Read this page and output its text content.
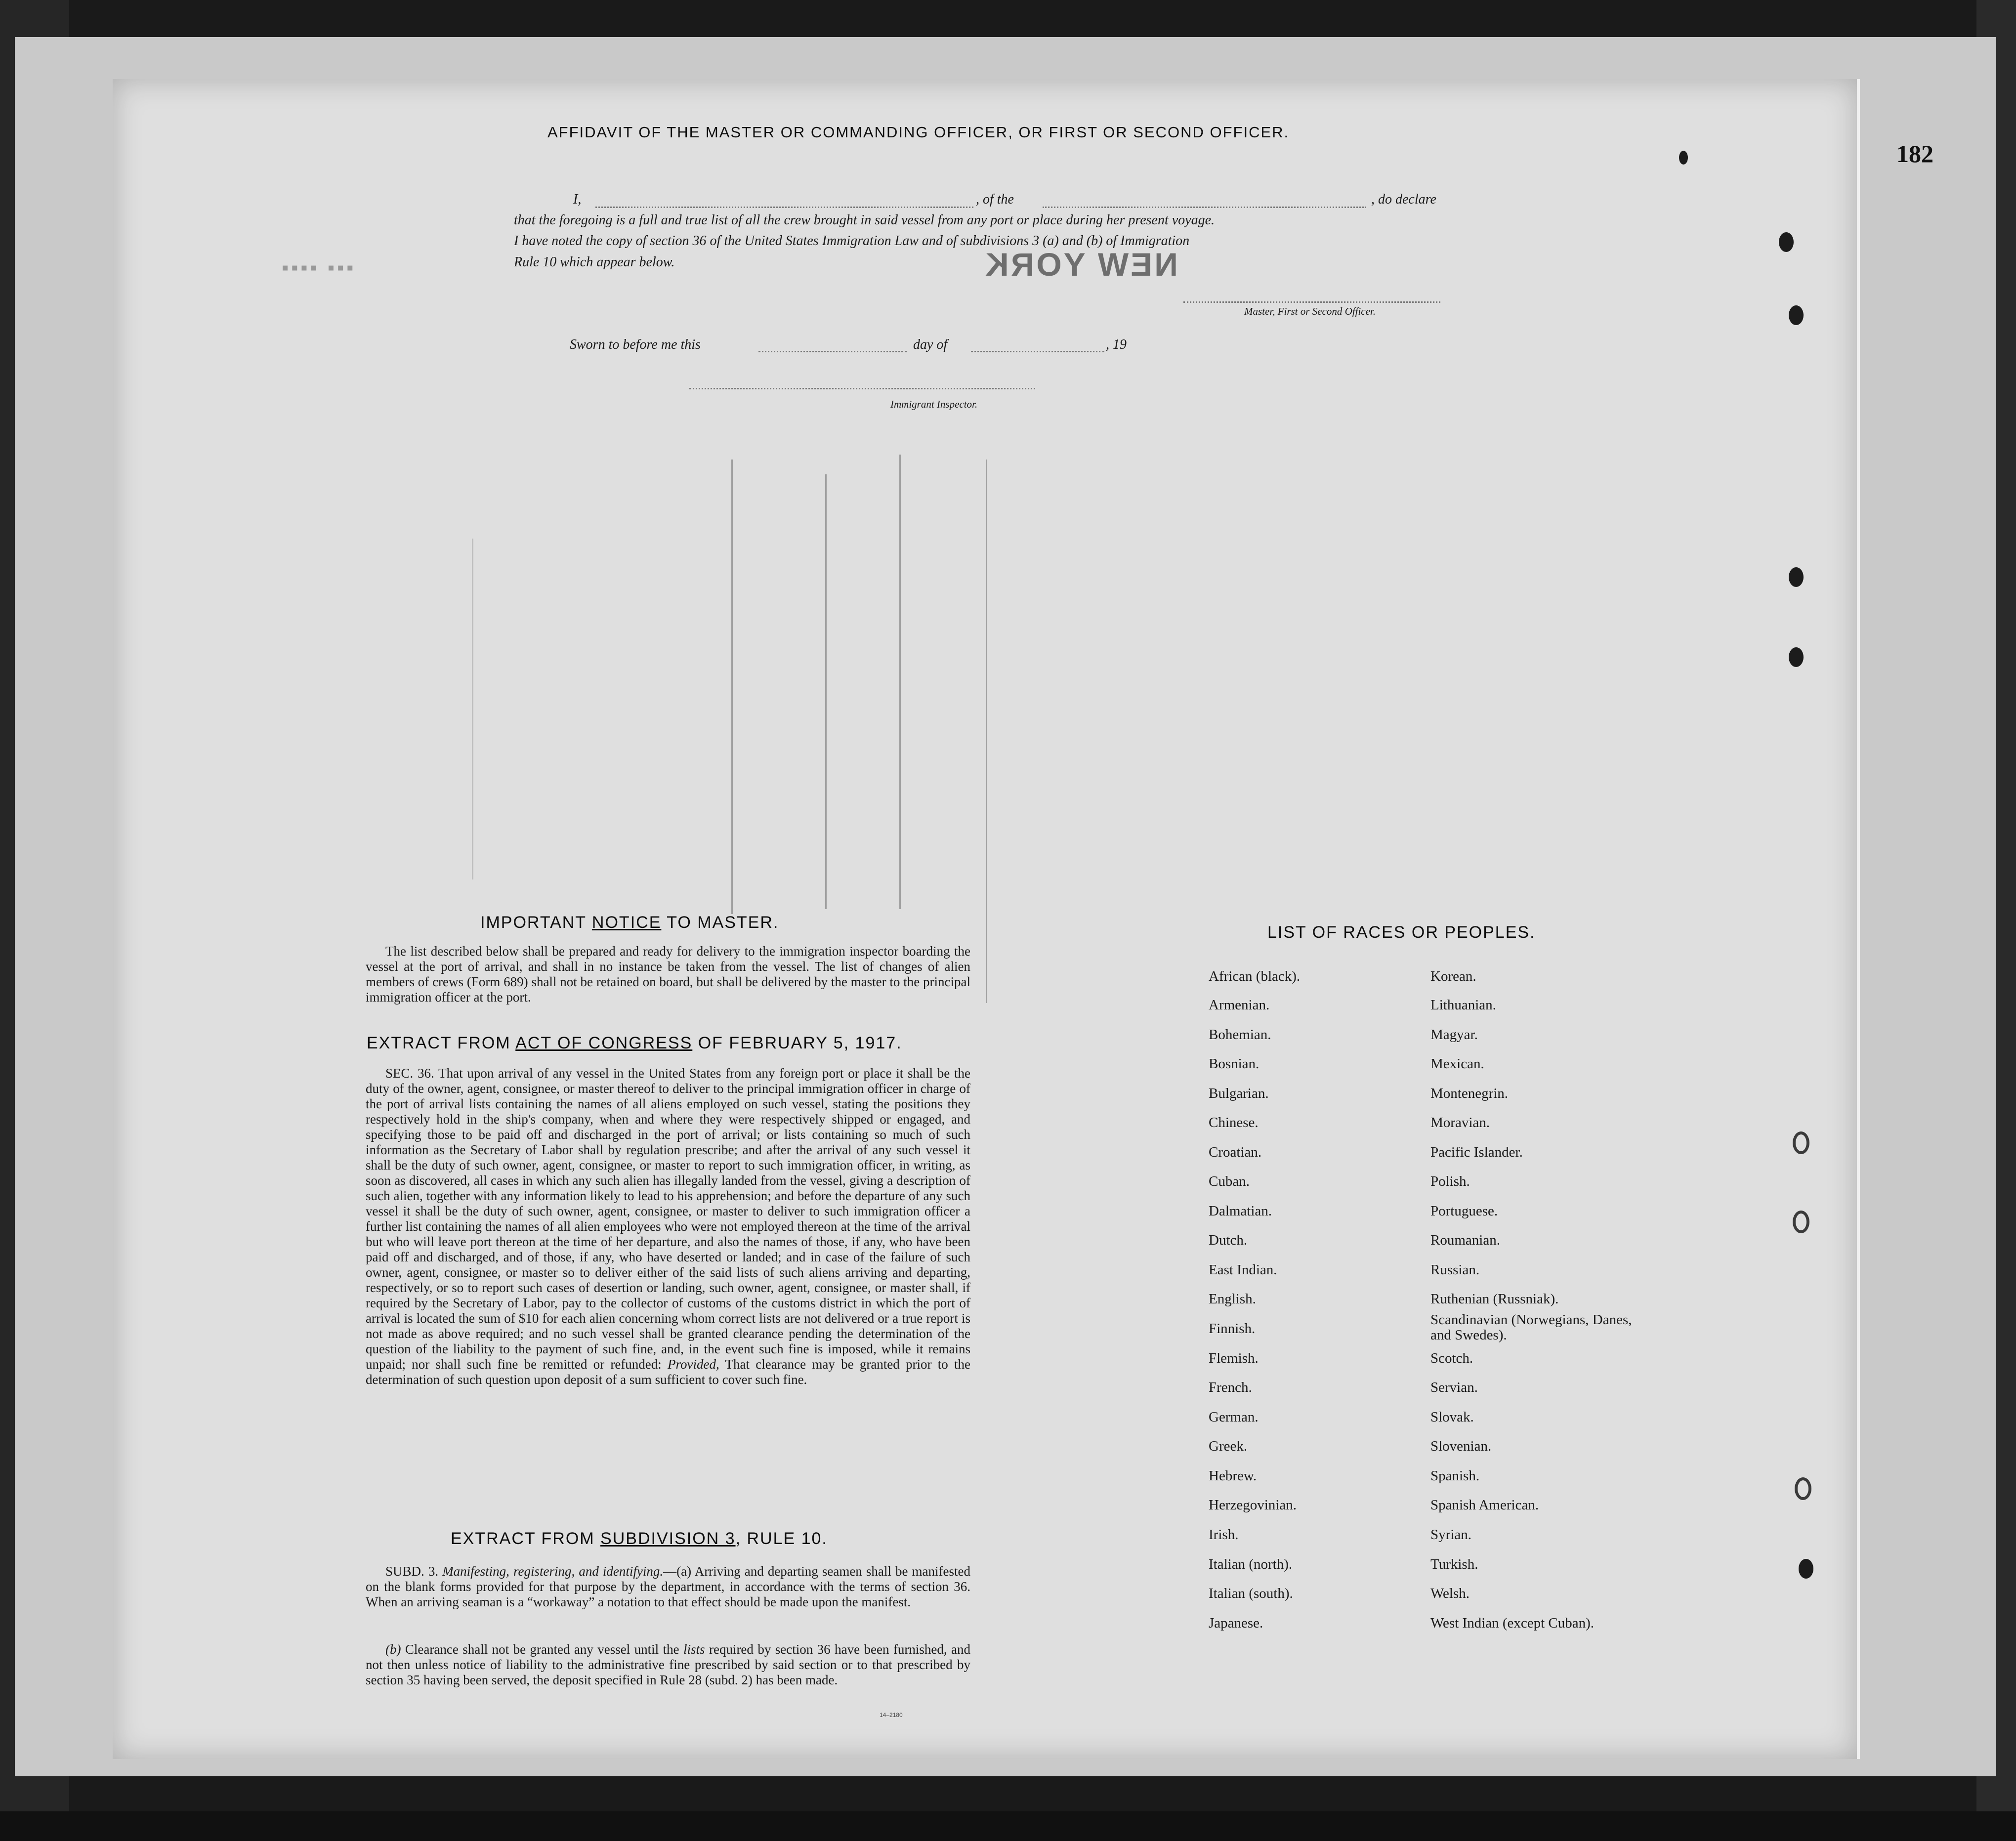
182
AFFIDAVIT OF THE MASTER OR COMMANDING OFFICER, OR FIRST OR SECOND OFFICER.
I,	, of the	, do declare
that the foregoing is a full and true list of all the crew brought in said vessel from any port or place during her present voyage.
I have noted the copy of section 36 of the United States Immigration Law and of subdivisions 3 (a) and (b) of Immigration
Rule 10 which appear below.
▪▪▪ ▪▪▪▪	NEW YORK
Master, First or Second Officer.
Sworn to before me this	day of	, 19
Immigrant Inspector.
IMPORTANT NOTICE TO MASTER.
The list described below shall be prepared and ready for delivery to the immigration inspector boarding the vessel at the port of arrival, and shall in no instance be taken from the vessel. The list of changes of alien members of crews (Form 689) shall not be retained on board, but shall be delivered by the master to the principal immigration officer at the port.
EXTRACT FROM ACT OF CONGRESS OF FEBRUARY 5, 1917.
SEC. 36. That upon arrival of any vessel in the United States from any foreign port or place it shall be the duty of the owner, agent, consignee, or master thereof to deliver to the principal immigration officer in charge of the port of arrival lists containing the names of all aliens employed on such vessel, stating the positions they respectively hold in the ship's company, when and where they were respectively shipped or engaged, and specifying those to be paid off and discharged in the port of arrival; or lists containing so much of such information as the Secretary of Labor shall by regulation prescribe; and after the arrival of any such vessel it shall be the duty of such owner, agent, consignee, or master to report to such immigration officer, in writing, as soon as discovered, all cases in which any such alien has illegally landed from the vessel, giving a description of such alien, together with any information likely to lead to his apprehension; and before the departure of any such vessel it shall be the duty of such owner, agent, consignee, or master to deliver to such immigration officer a further list containing the names of all alien employees who were not employed thereon at the time of the arrival but who will leave port thereon at the time of her departure, and also the names of those, if any, who have been paid off and discharged, and of those, if any, who have deserted or landed; and in case of the failure of such owner, agent, consignee, or master so to deliver either of the said lists of such aliens arriving and departing, respectively, or so to report such cases of desertion or landing, such owner, agent, consignee, or master shall, if required by the Secretary of Labor, pay to the collector of customs of the customs district in which the port of arrival is located the sum of $10 for each alien concerning whom correct lists are not delivered or a true report is not made as above required; and no such vessel shall be granted clearance pending the determination of the question of the liability to the payment of such fine, and, in the event such fine is imposed, while it remains unpaid; nor shall such fine be remitted or refunded: Provided, That clearance may be granted prior to the determination of such question upon deposit of a sum sufficient to cover such fine.
EXTRACT FROM SUBDIVISION 3, RULE 10.
SUBD. 3. Manifesting, registering, and identifying.—(a) Arriving and departing seamen shall be manifested on the blank forms provided for that purpose by the department, in accordance with the terms of section 36. When an arriving seaman is a “workaway” a notation to that effect should be made upon the manifest.
(b) Clearance shall not be granted any vessel until the lists required by section 36 have been furnished, and not then unless notice of liability to the administrative fine prescribed by said section or to that prescribed by section 35 having been served, the deposit specified in Rule 28 (subd. 2) has been made.
14–2180
LIST OF RACES OR PEOPLES.
African (black).
Armenian.
Bohemian.
Bosnian.
Bulgarian.
Chinese.
Croatian.
Cuban.
Dalmatian.
Dutch.
East Indian.
English.
Finnish.
Flemish.
French.
German.
Greek.
Hebrew.
Herzegovinian.
Irish.
Italian (north).
Italian (south).
Japanese.
Korean.
Lithuanian.
Magyar.
Mexican.
Montenegrin.
Moravian.
Pacific Islander.
Polish.
Portuguese.
Roumanian.
Russian.
Ruthenian (Russniak).
Scandinavian (Norwegians, Danes, and Swedes).
Scotch.
Servian.
Slovak.
Slovenian.
Spanish.
Spanish American.
Syrian.
Turkish.
Welsh.
West Indian (except Cuban).
